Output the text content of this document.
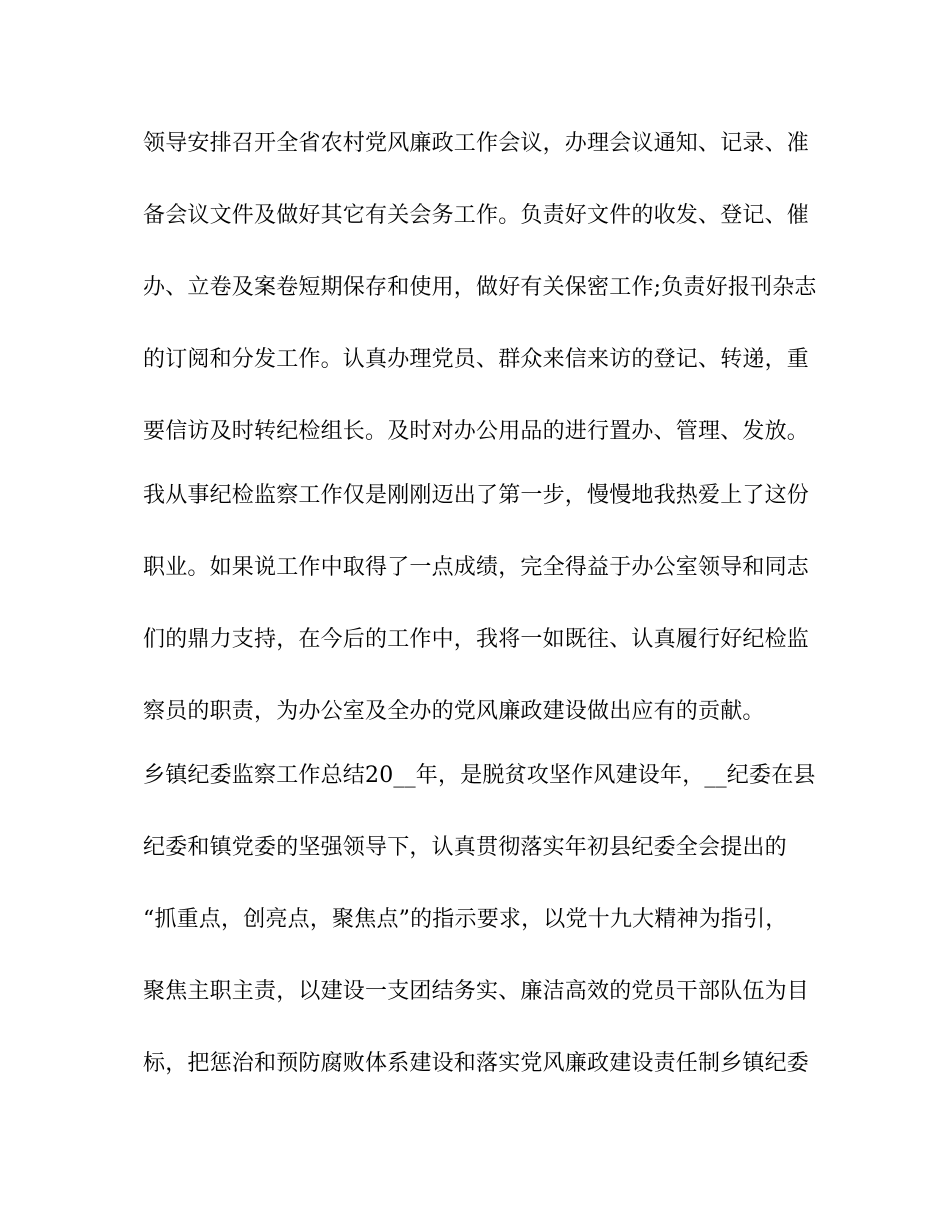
领导安排召开全省农村党风廉政工作会议，办理会议通知、记录、准
备会议文件及做好其它有关会务工作。负责好文件的收发、登记、催
办、立卷及案卷短期保存和使用，做好有关保密工作;负责好报刊杂志
的订阅和分发工作。认真办理党员、群众来信来访的登记、转递，重
要信访及时转纪检组长。及时对办公用品的进行置办、管理、发放。
我从事纪检监察工作仅是刚刚迈出了第一步，慢慢地我热爱上了这份
职业。如果说工作中取得了一点成绩，完全得益于办公室领导和同志
们的鼎力支持，在今后的工作中，我将一如既往、认真履行好纪检监
察员的职责，为办公室及全办的党风廉政建设做出应有的贡献。
乡镇纪委监察工作总结20__年，是脱贫攻坚作风建设年，__纪委在县
纪委和镇党委的坚强领导下，认真贯彻落实年初县纪委全会提出的
“抓重点，创亮点，聚焦点”的指示要求，以党十九大精神为指引，
聚焦主职主责，以建设一支团结务实、廉洁高效的党员干部队伍为目
标，把惩治和预防腐败体系建设和落实党风廉政建设责任制乡镇纪委
